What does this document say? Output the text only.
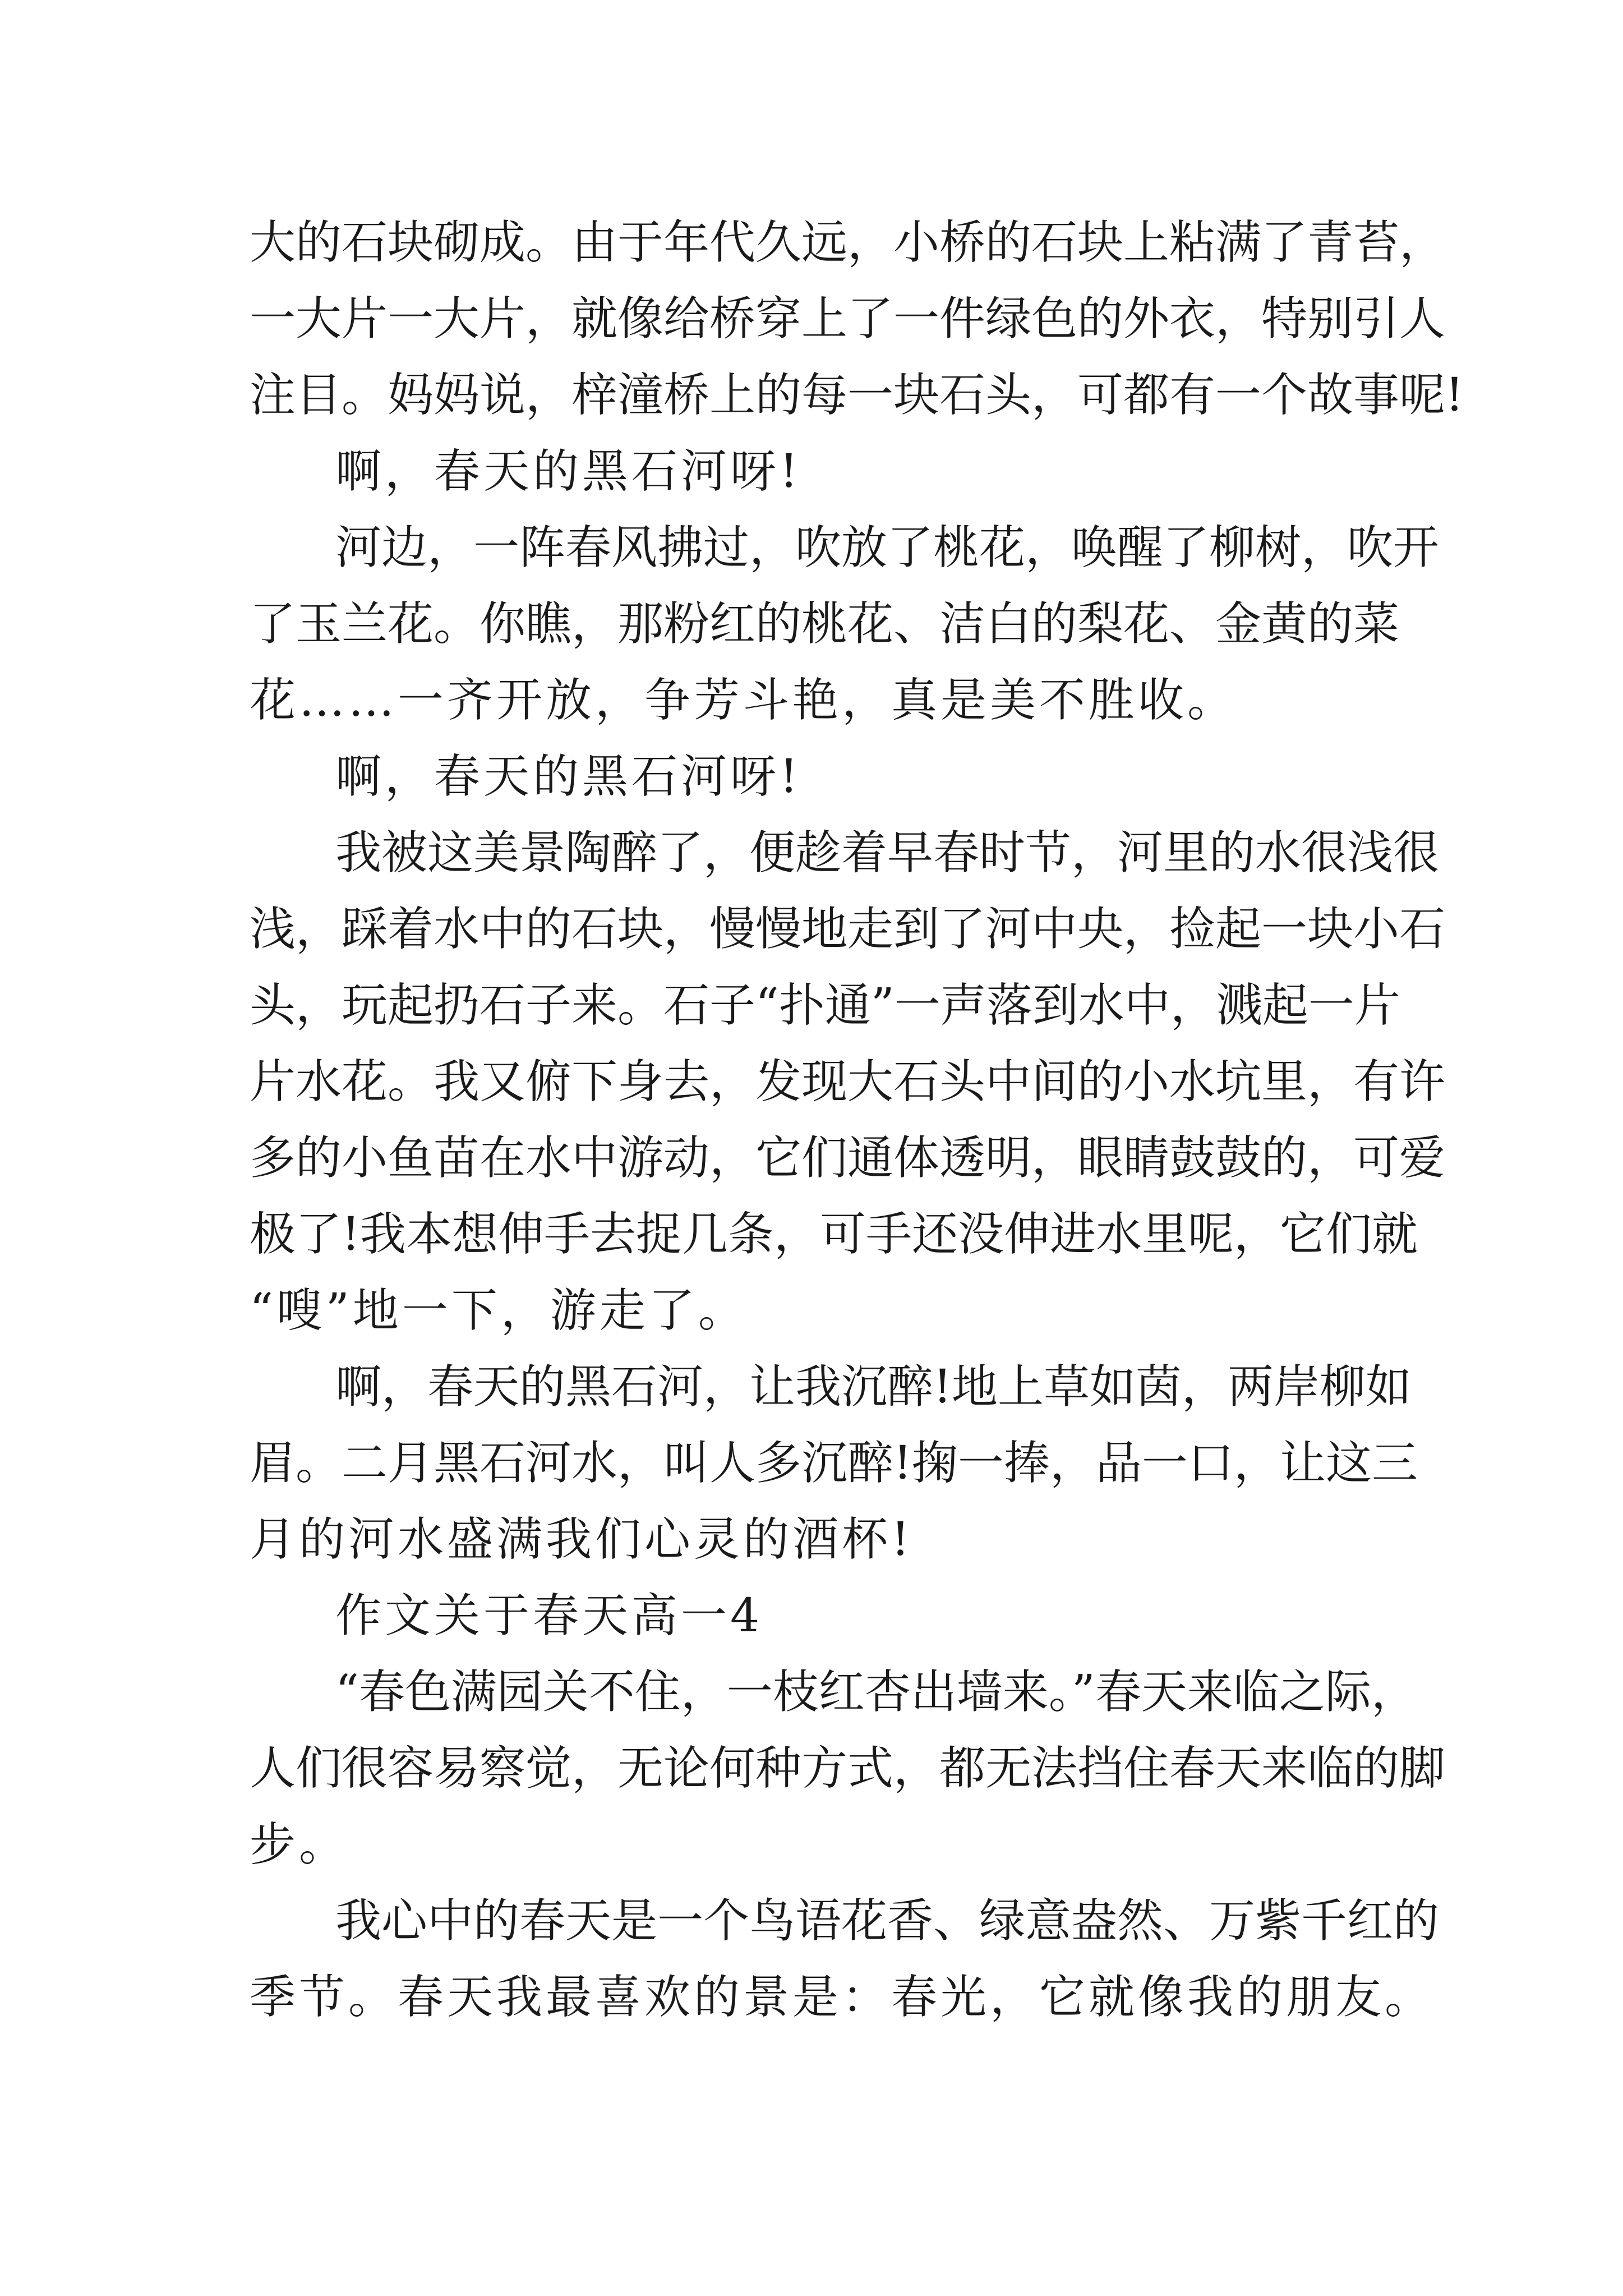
大的石块砌成。由于年代久远，小桥的石块上粘满了青苔，

一大片一大片，就像给桥穿上了一件绿色的外衣，特别引人

注目。妈妈说，梓潼桥上的每一块石头，可都有一个故事呢!

啊，春天的黑石河呀!

河边，一阵春风拂过，吹放了桃花，唤醒了柳树，吹开

了玉兰花。你瞧，那粉红的桃花、洁白的梨花、金黄的菜

花……一齐开放，争芳斗艳，真是美不胜收。

啊，春天的黑石河呀!

我被这美景陶醉了，便趁着早春时节，河里的水很浅很

浅，踩着水中的石块，慢慢地走到了河中央，捡起一块小石

头，玩起扔石子来。石子“扑通”一声落到水中，溅起一片

片水花。我又俯下身去，发现大石头中间的小水坑里，有许

多的小鱼苗在水中游动，它们通体透明，眼睛鼓鼓的，可爱

极了!我本想伸手去捉几条，可手还没伸进水里呢，它们就

“嗖”地一下，游走了。

啊，春天的黑石河，让我沉醉!地上草如茵，两岸柳如

眉。二月黑石河水，叫人多沉醉!掬一捧，品一口，让这三

月的河水盛满我们心灵的酒杯!

作文关于春天高一4

“春色满园关不住，一枝红杏出墙来。”春天来临之际，

人们很容易察觉，无论何种方式，都无法挡住春天来临的脚

步。

我心中的春天是一个鸟语花香、绿意盎然、万紫千红的

季节。春天我最喜欢的景是：春光，它就像我的朋友。
